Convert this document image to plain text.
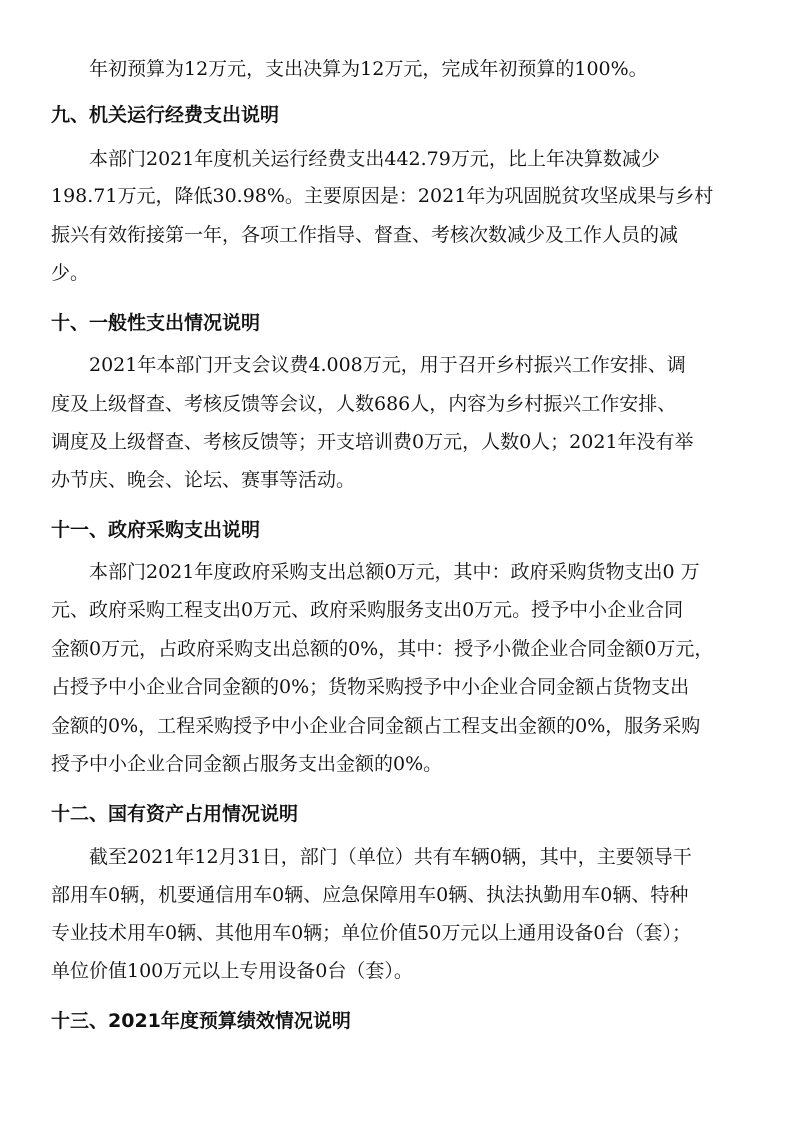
年初预算为12万元，支出决算为12万元，完成年初预算的100%。
九、机关运行经费支出说明
本部门2021年度机关运行经费支出442.79万元，比上年决算数减少
198.71万元，降低30.98%。主要原因是：2021年为巩固脱贫攻坚成果与乡村
振兴有效衔接第一年，各项工作指导、督查、考核次数减少及工作人员的减
少。
十、一般性支出情况说明
2021年本部门开支会议费4.008万元，用于召开乡村振兴工作安排、调
度及上级督查、考核反馈等会议，人数686人，内容为乡村振兴工作安排、
调度及上级督查、考核反馈等；开支培训费0万元，人数0人；2021年没有举
办节庆、晚会、论坛、赛事等活动。
十一、政府采购支出说明
本部门2021年度政府采购支出总额0万元，其中：政府采购货物支出0 万
元、政府采购工程支出0万元、政府采购服务支出0万元。授予中小企业合同
金额0万元，占政府采购支出总额的0%，其中：授予小微企业合同金额0万元，
占授予中小企业合同金额的0%；货物采购授予中小企业合同金额占货物支出
金额的0%，工程采购授予中小企业合同金额占工程支出金额的0%，服务采购
授予中小企业合同金额占服务支出金额的0%。
十二、国有资产占用情况说明
截至2021年12月31日，部门（单位）共有车辆0辆，其中，主要领导干
部用车0辆，机要通信用车0辆、应急保障用车0辆、执法执勤用车0辆、特种
专业技术用车0辆、其他用车0辆；单位价值50万元以上通用设备0台（套）；
单位价值100万元以上专用设备0台（套）。
十三、2021年度预算绩效情况说明
